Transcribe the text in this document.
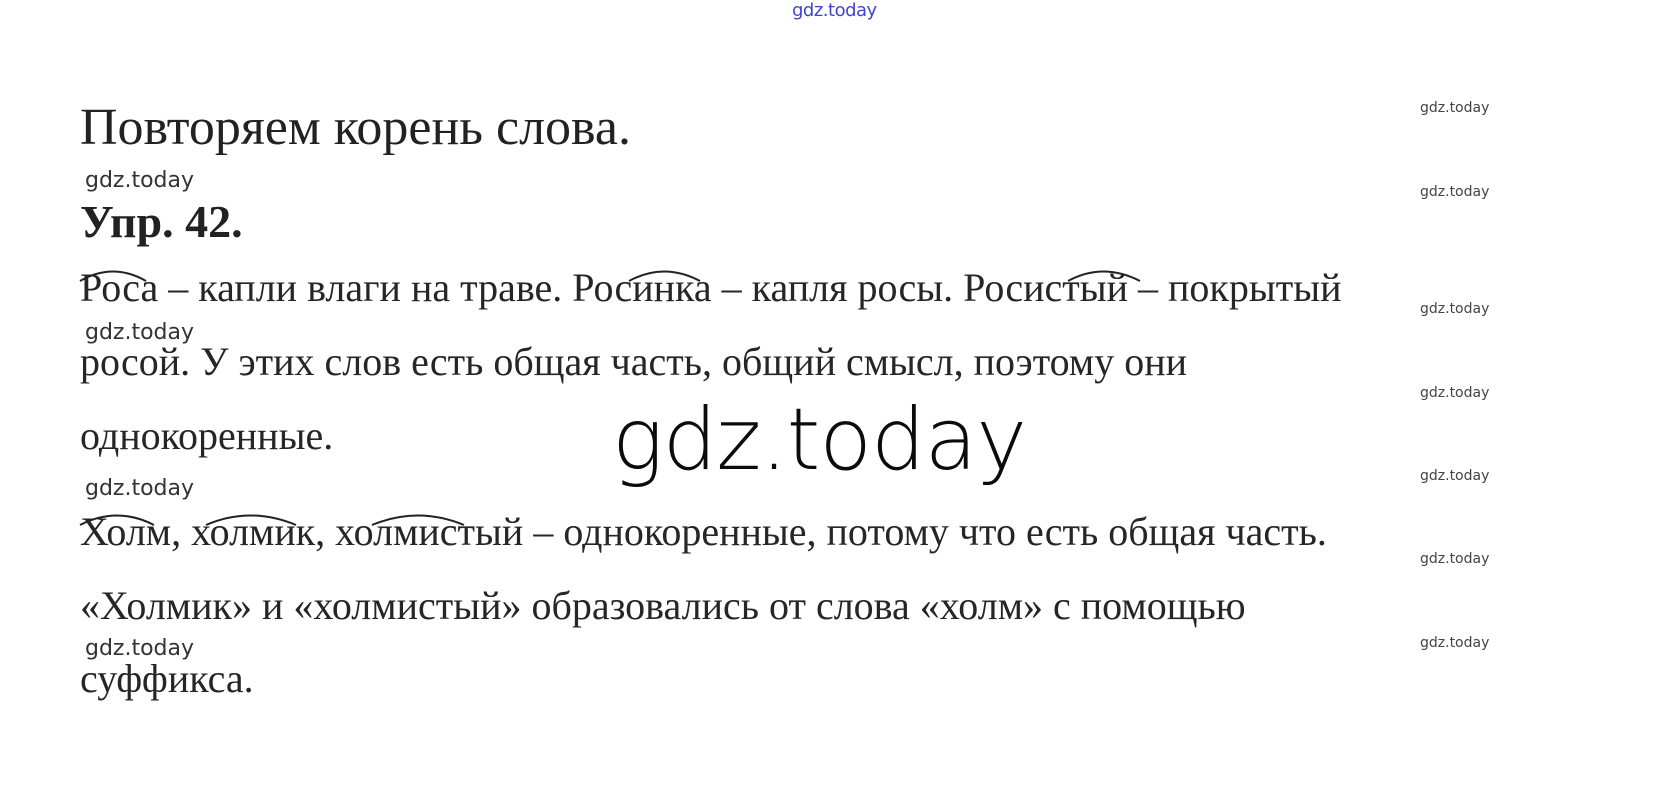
gdz.today
Повторяем корень слова.
gdz.today
Упр. 42.
Роса – капли влаги на траве. Росинка – капля росы. Росистый – покрытый
gdz.today
росой. У этих слов есть общая часть, общий смысл, поэтому они
однокоренные.
gdz.today
Холм, холмик, холмистый – однокоренные, потому что есть общая часть.
«Холмик» и «холмистый» образовались от слова «холм» с помощью
gdz.today
суффикса.
gdz.today
gdz.today
gdz.today
gdz.today
gdz.today
gdz.today
gdz.today
gdz.today
